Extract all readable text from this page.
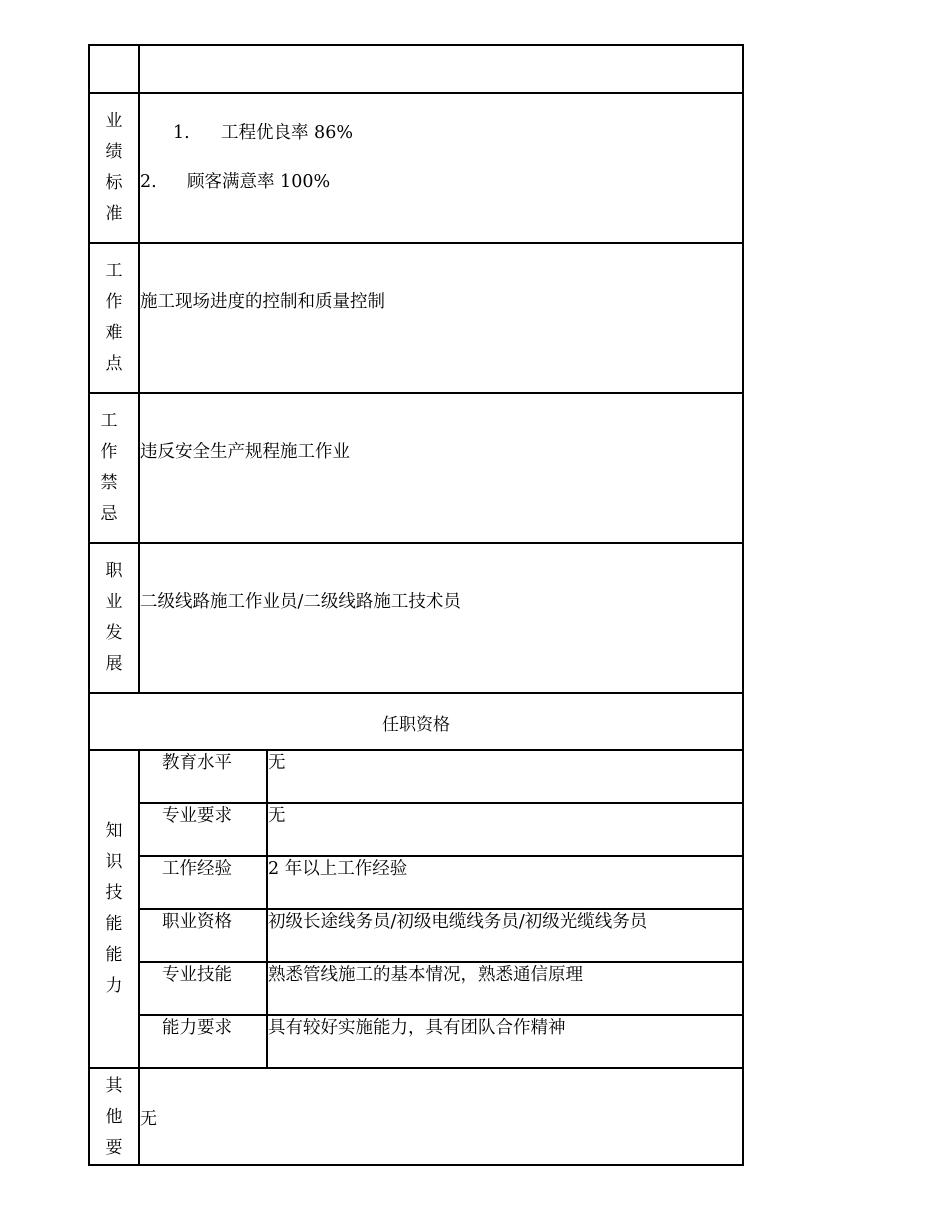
业绩标准	
1. 工程优良率 86%
2. 顾客满意率 100%

工作难点	
施工现场进度的控制和质量控制

工作禁忌	
违反安全生产规程施工作业

职业发展	
二级线路施工作业员/二级线路施工技术员

任职资格
知识技能能力	
教育水平	无
专业要求	无
工作经验	2 年以上工作经验
职业资格	初级长途线务员/初级电缆线务员/初级光缆线务员
专业技能	熟悉管线施工的基本情况，熟悉通信原理
能力要求	具有较好实施能力，具有团队合作精神

其他要	无
